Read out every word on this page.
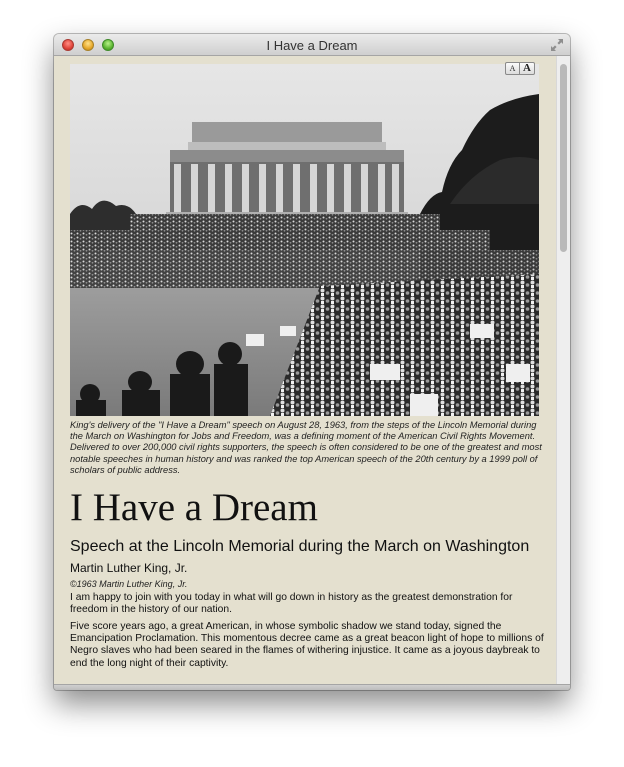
I Have a Dream
A A

King's delivery of the "I Have a Dream" speech on August 28, 1963, from the steps of the Lincoln Memorial during the March on Washington for Jobs and Freedom, was a defining moment of the American Civil Rights Movement. Delivered to over 200,000 civil rights supporters, the speech is often considered to be one of the greatest and most notable speeches in human history and was ranked the top American speech of the 20th century by a 1999 poll of scholars of public address.

I Have a Dream
Speech at the Lincoln Memorial during the March on Washington

Martin Luther King, Jr.

©1963 Martin Luther King, Jr.

I am happy to join with you today in what will go down in history as the greatest demonstration for freedom in the history of our nation.

Five score years ago, a great American, in whose symbolic shadow we stand today, signed the Emancipation Proclamation. This momentous decree came as a great beacon light of hope to millions of Negro slaves who had been seared in the flames of withering injustice. It came as a joyous daybreak to end the long night of their captivity.
